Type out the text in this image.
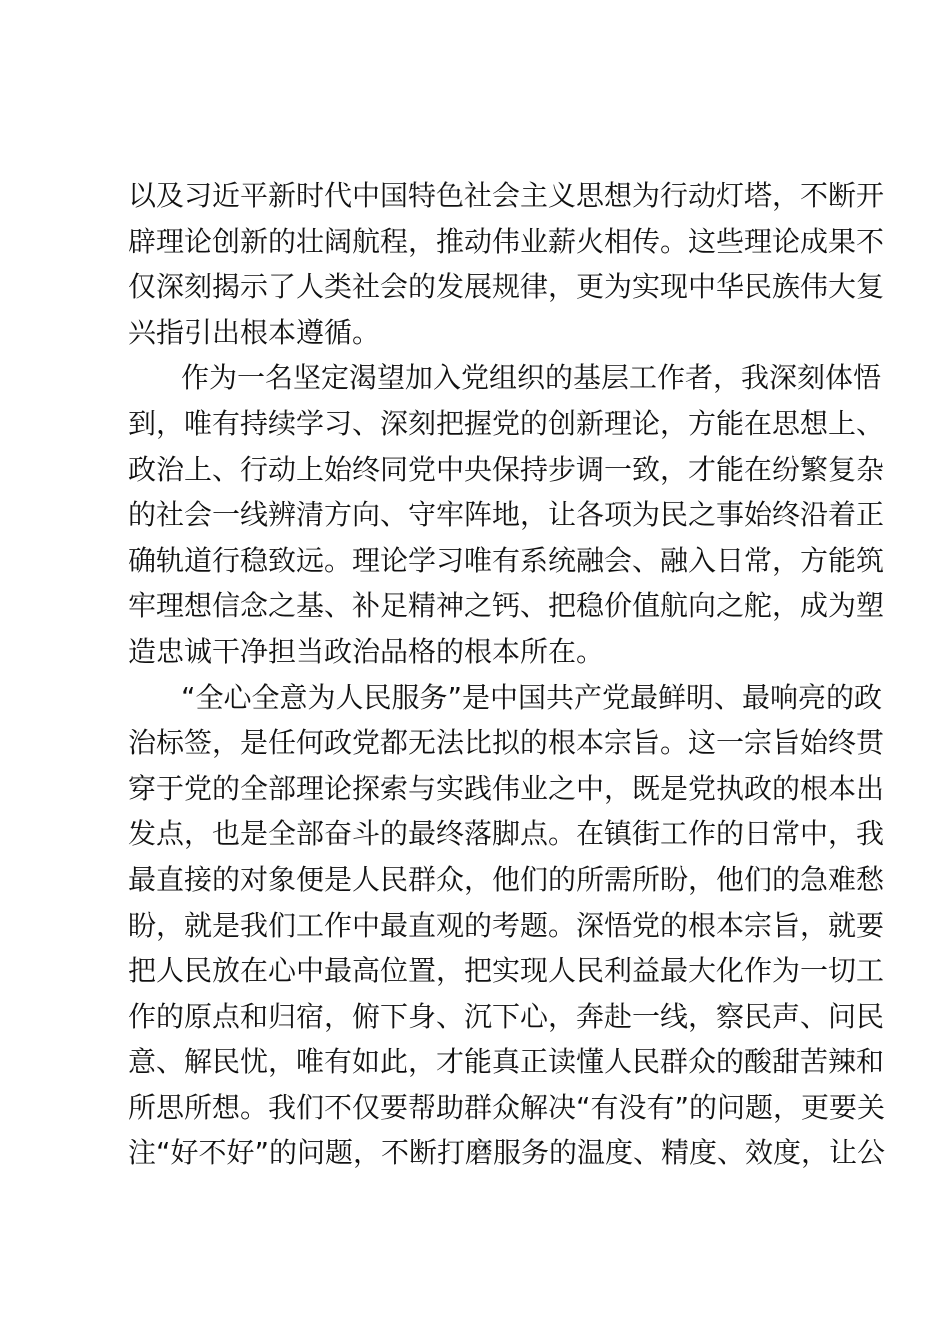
以及习近平新时代中国特色社会主义思想为行动灯塔，不断开
辟理论创新的壮阔航程，推动伟业薪火相传。这些理论成果不
仅深刻揭示了人类社会的发展规律，更为实现中华民族伟大复
兴指引出根本遵循。
作为一名坚定渴望加入党组织的基层工作者，我深刻体悟
到，唯有持续学习、深刻把握党的创新理论，方能在思想上、
政治上、行动上始终同党中央保持步调一致，才能在纷繁复杂
的社会一线辨清方向、守牢阵地，让各项为民之事始终沿着正
确轨道行稳致远。理论学习唯有系统融会、融入日常，方能筑
牢理想信念之基、补足精神之钙、把稳价值航向之舵，成为塑
造忠诚干净担当政治品格的根本所在。
“全心全意为人民服务”是中国共产党最鲜明、最响亮的政
治标签，是任何政党都无法比拟的根本宗旨。这一宗旨始终贯
穿于党的全部理论探索与实践伟业之中，既是党执政的根本出
发点，也是全部奋斗的最终落脚点。在镇街工作的日常中，我
最直接的对象便是人民群众，他们的所需所盼，他们的急难愁
盼，就是我们工作中最直观的考题。深悟党的根本宗旨，就要
把人民放在心中最高位置，把实现人民利益最大化作为一切工
作的原点和归宿，俯下身、沉下心，奔赴一线，察民声、问民
意、解民忧，唯有如此，才能真正读懂人民群众的酸甜苦辣和
所思所想。我们不仅要帮助群众解决“有没有”的问题，更要关
注“好不好”的问题，不断打磨服务的温度、精度、效度，让公
